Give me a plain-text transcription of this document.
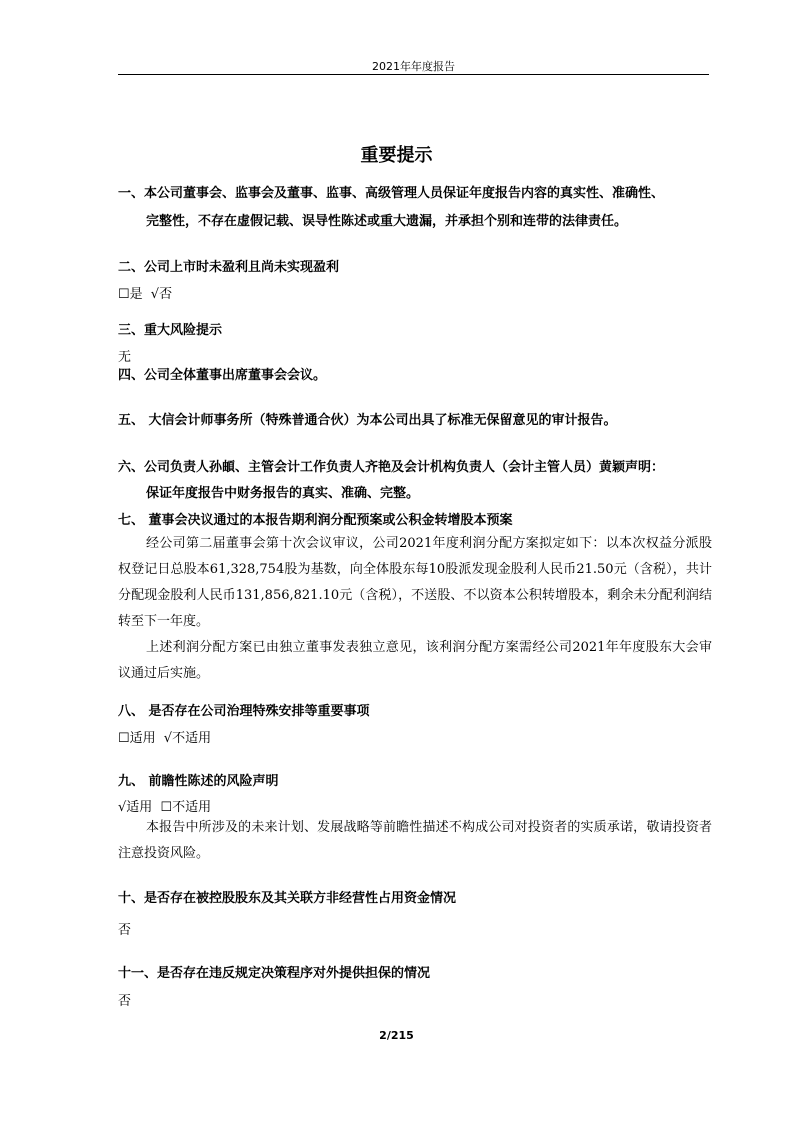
2021年年度报告
重要提示
一、本公司董事会、监事会及董事、监事、高级管理人员保证年度报告内容的真实性、准确性、
完整性，不存在虚假记载、误导性陈述或重大遗漏，并承担个别和连带的法律责任。
二、公司上市时未盈利且尚未实现盈利
☐是 √否
三、重大风险提示
无
四、公司全体董事出席董事会会议。
五、 大信会计师事务所（特殊普通合伙）为本公司出具了标准无保留意见的审计报告。
六、公司负责人孙頔、主管会计工作负责人齐艳及会计机构负责人（会计主管人员）黄颖声明：
保证年度报告中财务报告的真实、准确、完整。
七、 董事会决议通过的本报告期利润分配预案或公积金转增股本预案
经公司第二届董事会第十次会议审议，公司2021年度利润分配方案拟定如下：以本次权益分派股权登记日总股本61,328,754股为基数，向全体股东每10股派发现金股利人民币21.50元（含税），共计分配现金股利人民币131,856,821.10元（含税），不送股、不以资本公积转增股本，剩余未分配利润结转至下一年度。
上述利润分配方案已由独立董事发表独立意见，该利润分配方案需经公司2021年年度股东大会审议通过后实施。
八、 是否存在公司治理特殊安排等重要事项
☐适用 √不适用
九、 前瞻性陈述的风险声明
√适用 ☐不适用
本报告中所涉及的未来计划、发展战略等前瞻性描述不构成公司对投资者的实质承诺，敬请投资者注意投资风险。
十、是否存在被控股股东及其关联方非经营性占用资金情况
否
十一、是否存在违反规定决策程序对外提供担保的情况
否
2/215
